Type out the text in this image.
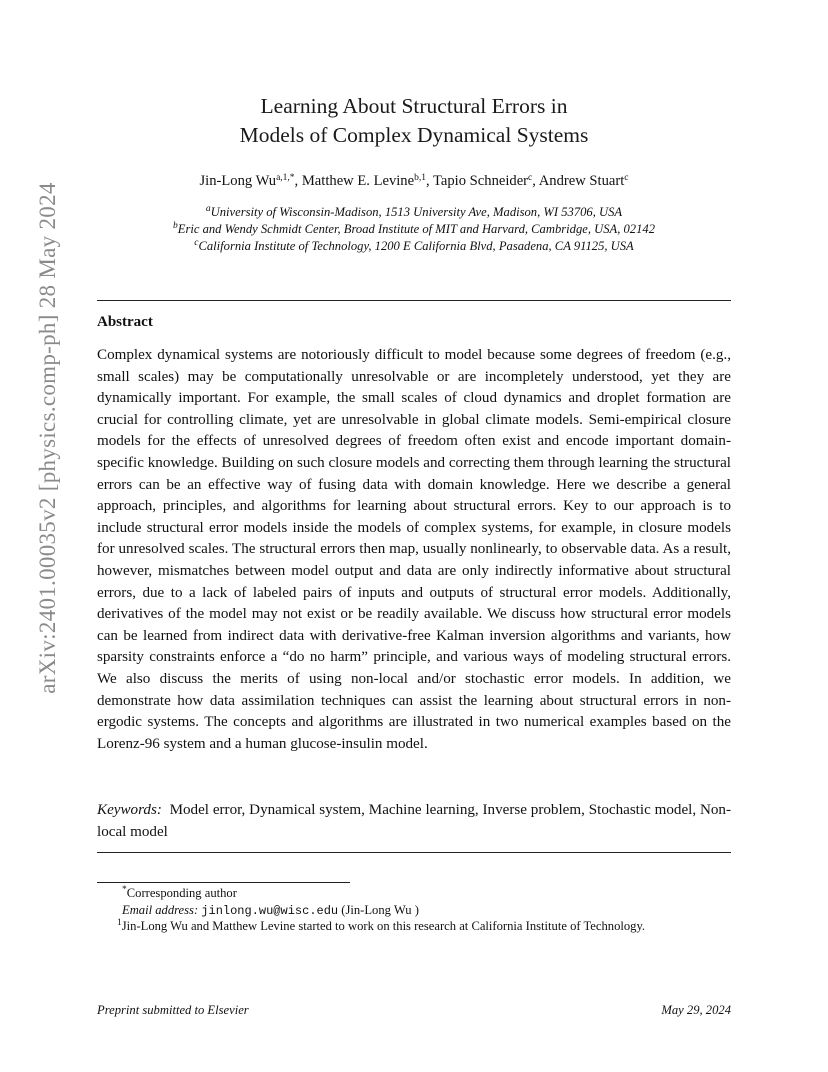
arXiv:2401.00035v2 [physics.comp-ph] 28 May 2024
Learning About Structural Errors in
Models of Complex Dynamical Systems
Jin-Long $Wu^{a,1,*}$, Matthew E. Levine$^{b,1}$, Tapio Schneider$^c$, Andrew Stuart$^c$
$^a$University of Wisconsin-Madison, 1513 University Ave, Madison, WI 53706, USA
$^b$Eric and Wendy Schmidt Center, Broad Institute of MIT and Harvard, Cambridge, USA, 02142
$^c$California Institute of Technology, 1200 E California Blvd, Pasadena, CA 91125, USA
Abstract

Complex dynamical systems are notoriously difficult to model because some degrees of freedom (e.g., small scales) may be computationally unresolvable or are incompletely understood, yet they are dynamically important. For example, the small scales of cloud dynamics and droplet formation are crucial for controlling climate, yet are unresolvable in global climate models. Semi-empirical closure models for the effects of unresolved degrees of freedom often exist and encode important domain-specific knowledge. Building on such closure models and correcting them through learning the structural errors can be an effective way of fusing data with domain knowledge. Here we describe a general approach, principles, and algorithms for learning about structural errors. Key to our approach is to include structural error models inside the models of complex systems, for example, in closure models for unresolved scales. The structural errors then map, usually nonlinearly, to observable data. As a result, however, mismatches between model output and data are only indirectly informative about structural errors, due to a lack of labeled pairs of inputs and outputs of structural error models. Additionally, derivatives of the model may not exist or be readily available. We discuss how structural error models can be learned from indirect data with derivative-free Kalman inversion algorithms and variants, how sparsity constraints enforce a “do no harm” principle, and various ways of modeling structural errors. We also discuss the merits of using non-local and/or stochastic error models. In addition, we demonstrate how data assimilation techniques can assist the learning about structural errors in non-ergodic systems. The concepts and algorithms are illustrated in two numerical examples based on the Lorenz-96 system and a human glucose-insulin model.

Keywords: Model error, Dynamical system, Machine learning, Inverse problem, Stochastic model, Non-local model

*Corresponding author
Email address: jinlong.wu@wisc.edu (Jin-Long Wu )
$^1$Jin-Long Wu and Matthew Levine started to work on this research at California Institute of Technology.
Preprint submitted to Elsevier	May 29, 2024
